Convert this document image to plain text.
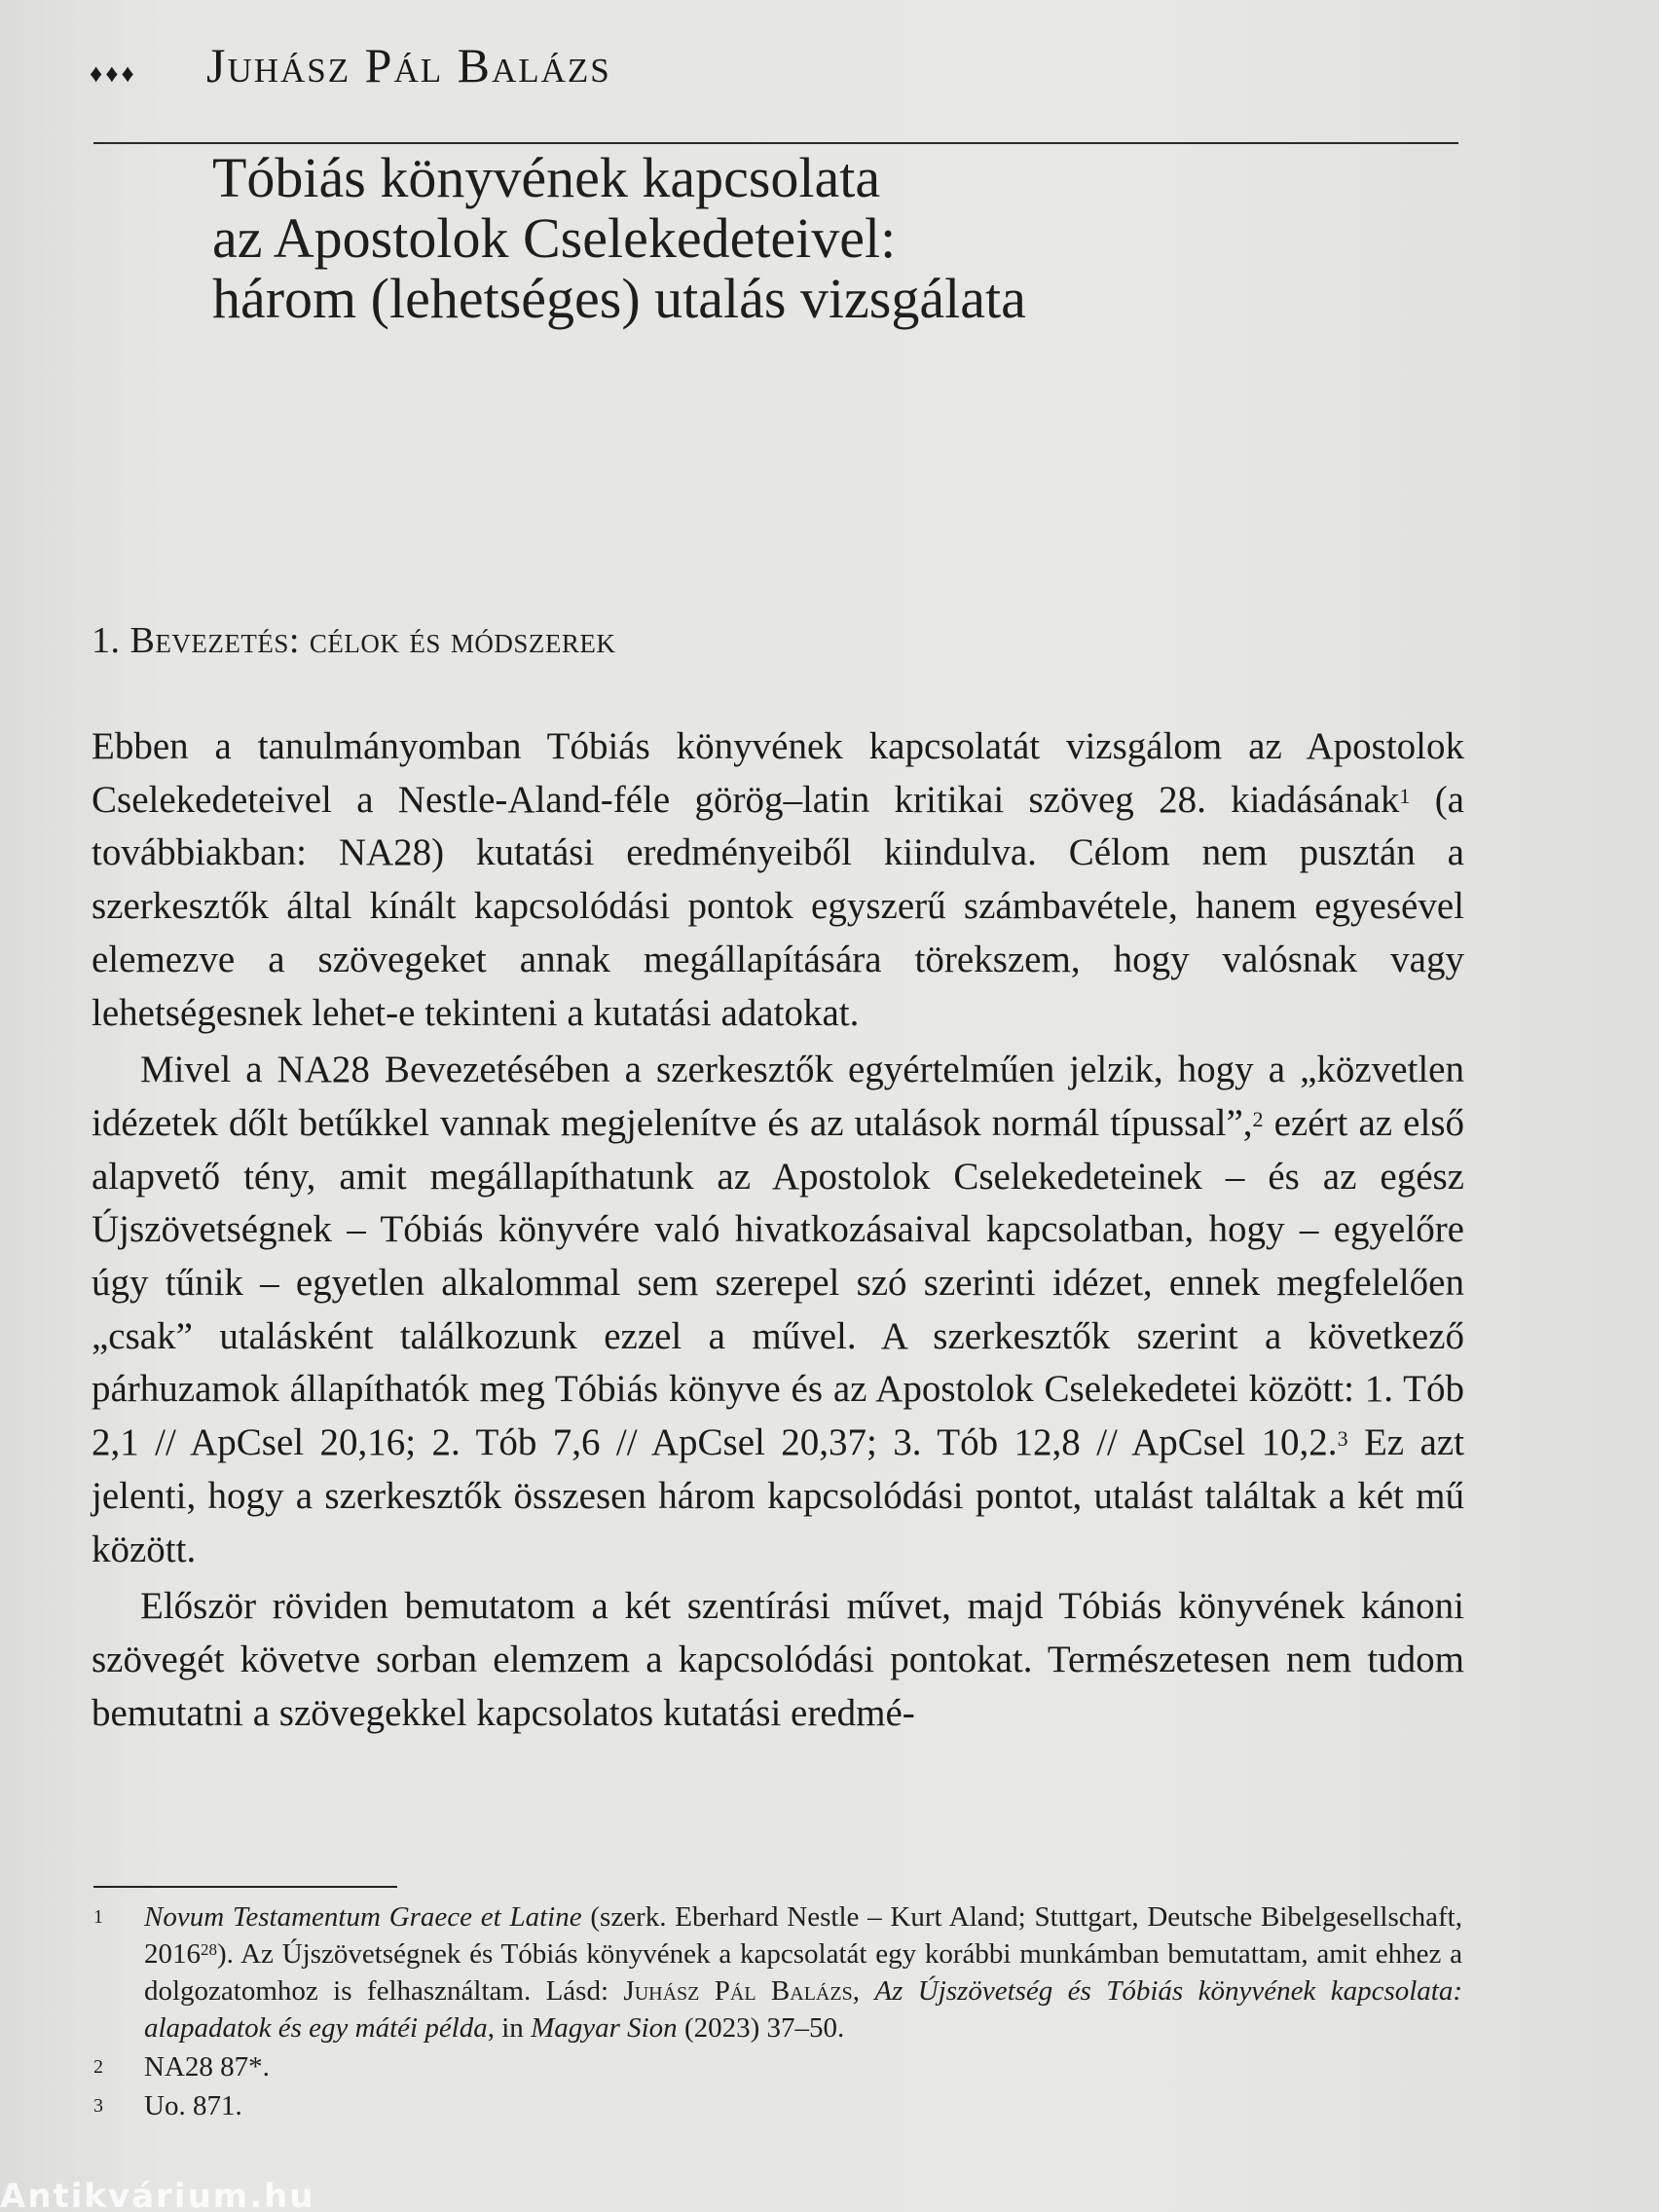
♦♦♦	Juhász Pál Balázs
Tóbiás könyvének kapcsolata
az Apostolok Cselekedeteivel:
három (lehetséges) utalás vizsgálata
1. Bevezetés: célok és módszerek

Ebben a tanulmányomban Tóbiás könyvének kapcsolatát vizsgálom az Apostolok Cselekedeteivel a Nestle-Aland-féle görög–latin kritikai szöveg 28. kiadásának$^1$ (a továbbiakban: NA28) kutatási eredményeiből kiindulva. Célom nem pusztán a szerkesztők által kínált kapcsolódási pontok egyszerű számbavétele, hanem egyesével elemezve a szövegeket annak megállapítására törekszem, hogy valósnak vagy lehetségesnek lehet-e tekinteni a kutatási adatokat.

Mivel a NA28 Bevezetésében a szerkesztők egyértelműen jelzik, hogy a „közvetlen idézetek dőlt betűkkel vannak megjelenítve és az utalások normál típussal”,$^2$ ezért az első alapvető tény, amit megállapíthatunk az Apostolok Cselekedeteinek – és az egész Újszövetségnek – Tóbiás könyvére való hivatkozásaival kapcsolatban, hogy – egyelőre úgy tűnik – egyetlen alkalommal sem szerepel szó szerinti idézet, ennek megfelelően „csak” utalásként találkozunk ezzel a művel. A szerkesztők szerint a következő párhuzamok állapíthatók meg Tóbiás könyve és az Apostolok Cselekedetei között: 1. Tób 2,1 // ApCsel 20,16; 2. Tób 7,6 // ApCsel 20,37; 3. Tób 12,8 // ApCsel 10,2.$^3$ Ez azt jelenti, hogy a szerkesztők összesen három kapcsolódási pontot, utalást találtak a két mű között.

Először röviden bemutatom a két szentírási művet, majd Tóbiás könyvének kánoni szövegét követve sorban elemzem a kapcsolódási pontokat. Természetesen nem tudom bemutatni a szövegekkel kapcsolatos kutatási eredmé-

1	Novum Testamentum Graece et Latine (szerk. Eberhard Nestle – Kurt Aland; Stuttgart, Deutsche Bibelgesellschaft, 2016$^{28}$). Az Újszövetségnek és Tóbiás könyvének a kapcsolatát egy korábbi munkámban bemutattam, amit ehhez a dolgozatomhoz is felhasználtam. Lásd: Juhász Pál Balázs, Az Újszövetség és Tóbiás könyvének kapcsolata: alapadatok és egy mátéi példa, in Magyar Sion (2023) 37–50.
2	NA28 87*.
3	Uo. 871.
Antikvárium.hu
